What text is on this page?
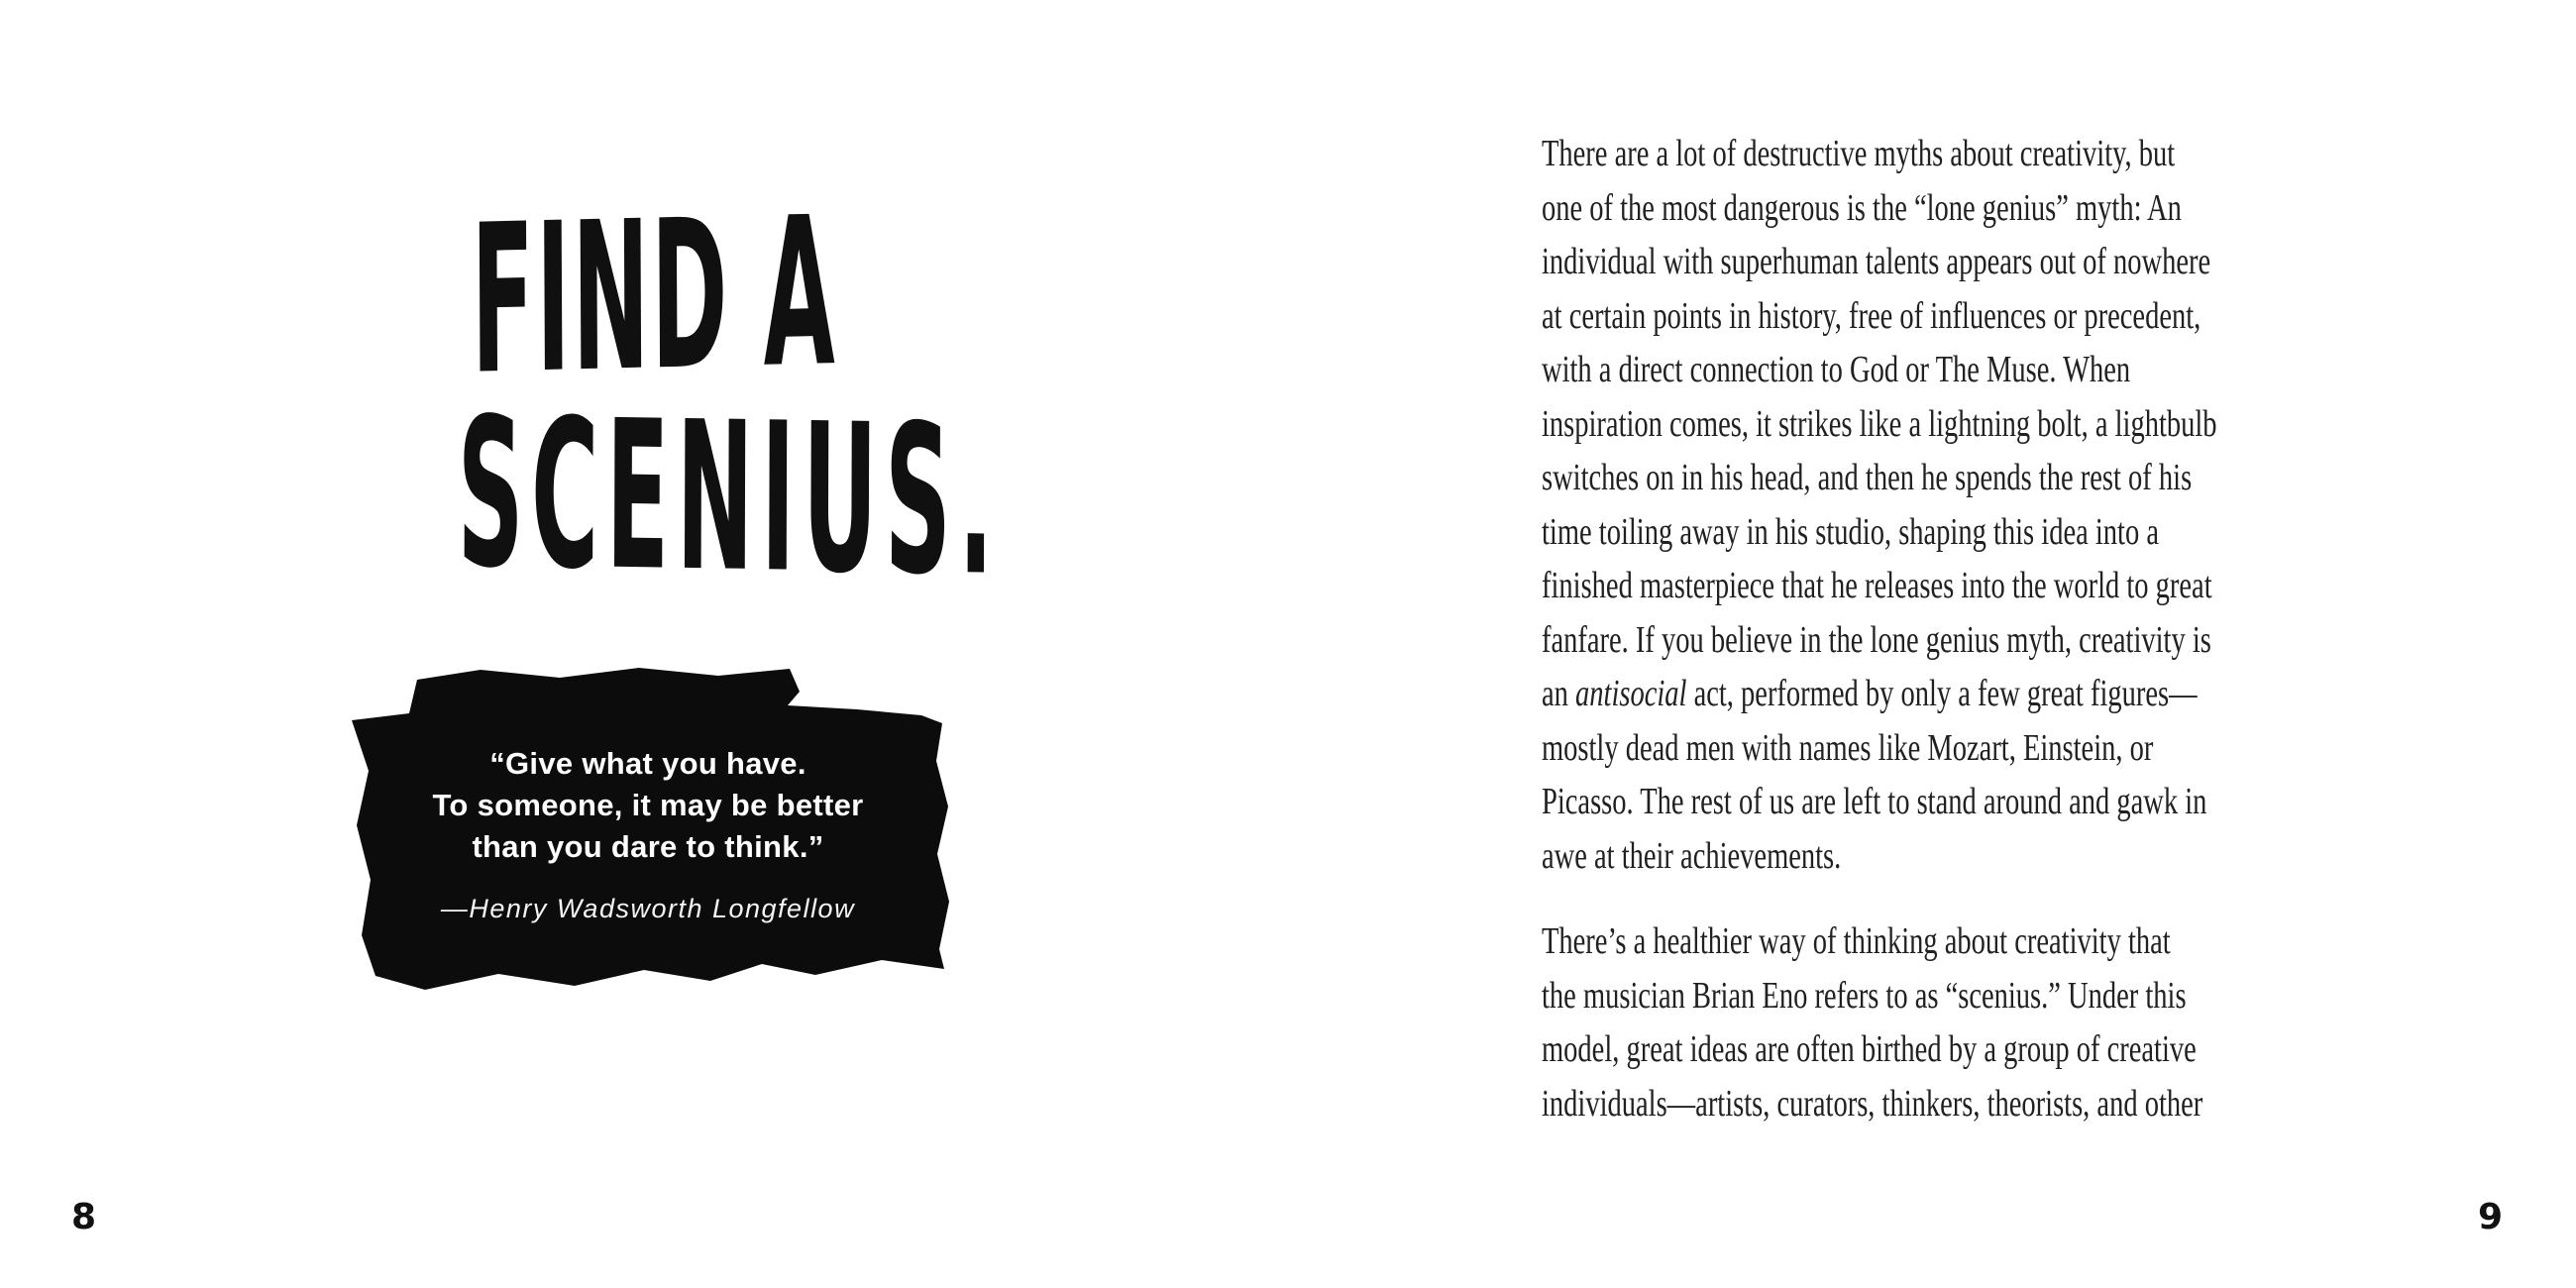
FIND A
SCENIUS.
“Give what you have.
To someone, it may be better
than you dare to think.”
—Henry Wadsworth Longfellow
8
There are a lot of destructive myths about creativity, but
one of the most dangerous is the “lone genius” myth: An
individual with superhuman talents appears out of nowhere
at certain points in history, free of influences or precedent,
with a direct connection to God or The Muse. When
inspiration comes, it strikes like a lightning bolt, a lightbulb
switches on in his head, and then he spends the rest of his
time toiling away in his studio, shaping this idea into a
finished masterpiece that he releases into the world to great
fanfare. If you believe in the lone genius myth, creativity is
an antisocial act, performed by only a few great figures—
mostly dead men with names like Mozart, Einstein, or
Picasso. The rest of us are left to stand around and gawk in
awe at their achievements.
There’s a healthier way of thinking about creativity that
the musician Brian Eno refers to as “scenius.” Under this
model, great ideas are often birthed by a group of creative
individuals—artists, curators, thinkers, theorists, and other
9
